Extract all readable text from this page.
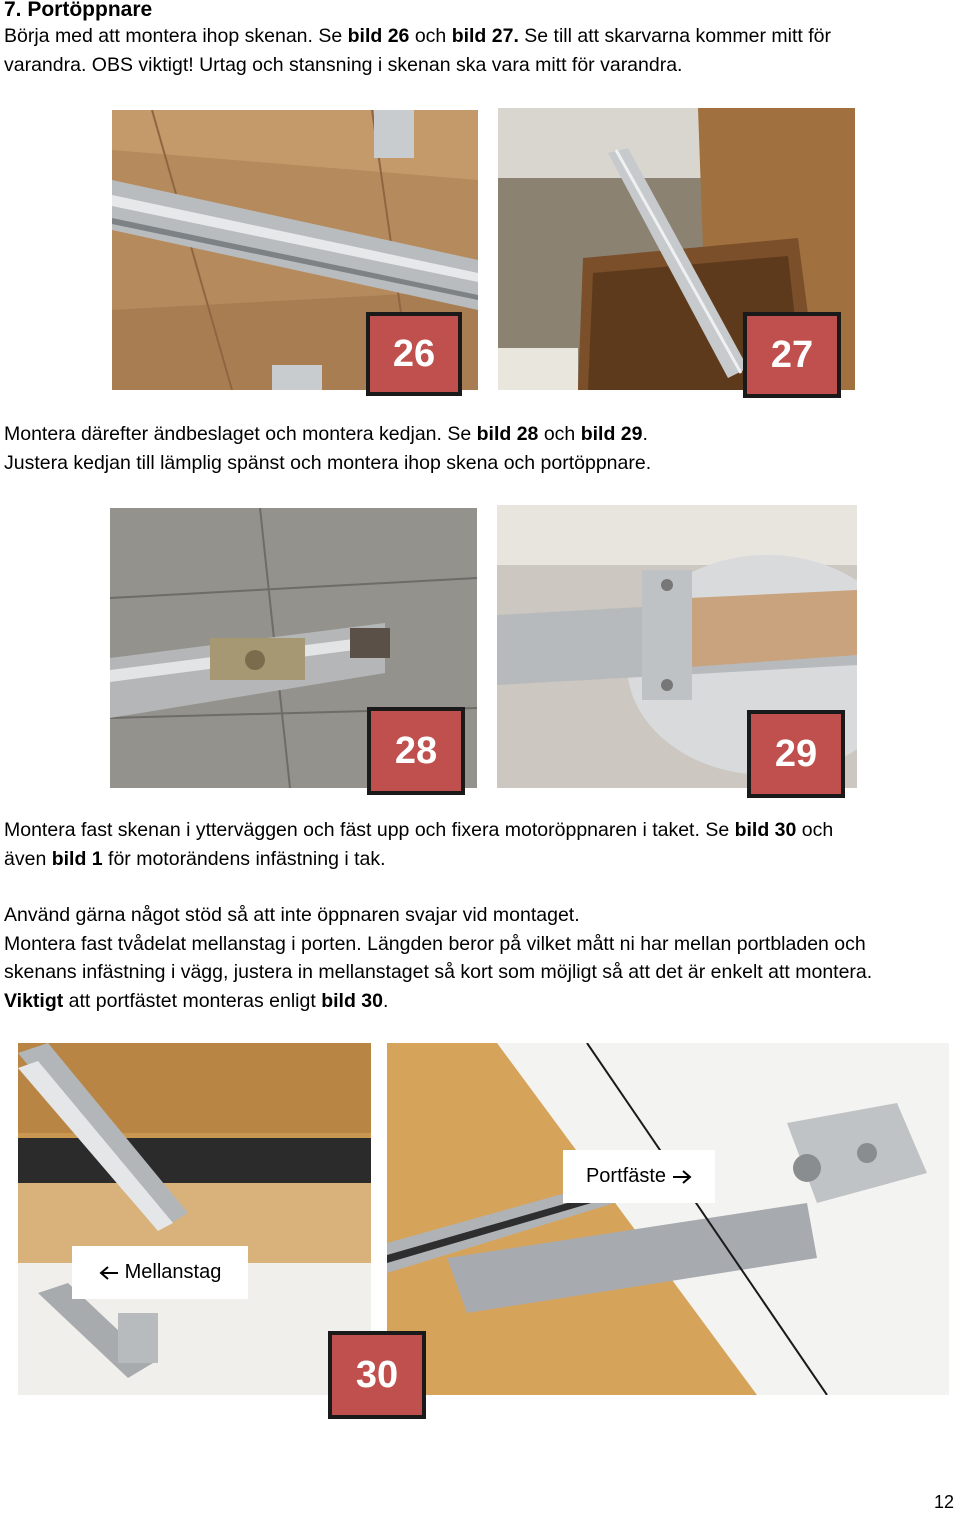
7. Portöppnare
Börja med att montera ihop skenan. Se bild 26 och bild 27. Se till att skarvarna kommer mitt för
varandra. OBS viktigt! Urtag och stansning i skenan ska vara mitt för varandra.
26	27
Montera därefter ändbeslaget och montera kedjan. Se bild 28 och bild 29.
Justera kedjan till lämplig spänst och montera ihop skena och portöppnare.
28	29
Montera fast skenan i ytterväggen och fäst upp och fixera motoröppnaren i taket. Se bild 30 och
även bild 1 för motorändens infästning i tak.
Använd gärna något stöd så att inte öppnaren svajar vid montaget.
Montera fast tvådelat mellanstag i porten. Längden beror på vilket mått ni har mellan portbladen och
skenans infästning i vägg, justera in mellanstaget så kort som möjligt så att det är enkelt att montera.
Viktigt att portfästet monteras enligt bild 30.
Portfäste
Mellanstag
30
12
